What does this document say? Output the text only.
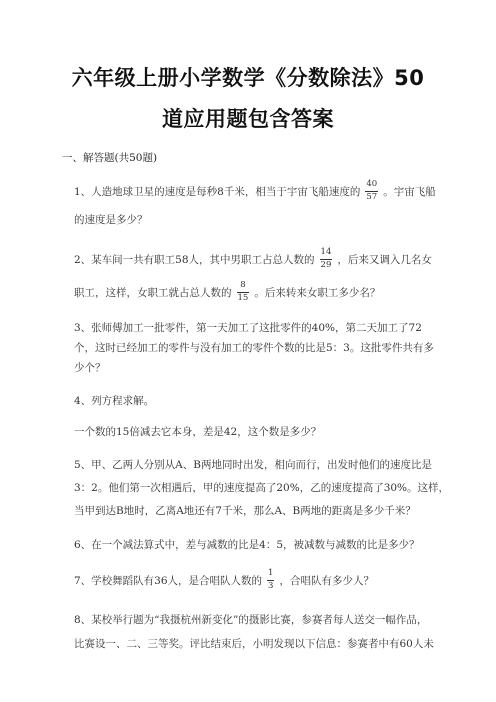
六年级上册小学数学《分数除法》50
道应用题包含答案
一、解答题(共50题)
1、人造地球卫星的速度是每秒8千米，相当于宇宙飞船速度的 $\frac{40}{57}$ 。宇宙飞船
的速度是多少？
2、某车间一共有职工58人，其中男职工占总人数的 $\frac{14}{29}$ ，后来又调入几名女
职工，这样，女职工就占总人数的 $\frac{8}{15}$ 。后来转来女职工多少名？
3、张师傅加工一批零件，第一天加工了这批零件的40%，第二天加工了72
个，这时已经加工的零件与没有加工的零件个数的比是5：3。这批零件共有多
少个？
4、列方程求解。
一个数的15倍减去它本身，差是42，这个数是多少？
5、甲、乙两人分别从A、B两地同时出发，相向而行，出发时他们的速度比是
3：2。他们第一次相遇后，甲的速度提高了20%，乙的速度提高了30%。这样，
当甲到达B地时，乙离A地还有7千米，那么A、B两地的距离是多少千米？
6、在一个减法算式中，差与减数的比是4：5，被减数与减数的比是多少？
7、学校舞蹈队有36人，是合唱队人数的 $\frac{1}{3}$ ，合唱队有多少人？
8、某校举行题为“我摄杭州新变化”的摄影比赛，参赛者每人送交一幅作品，
比赛设一、二、三等奖。评比结束后，小明发现以下信息：参赛者中有60人未
